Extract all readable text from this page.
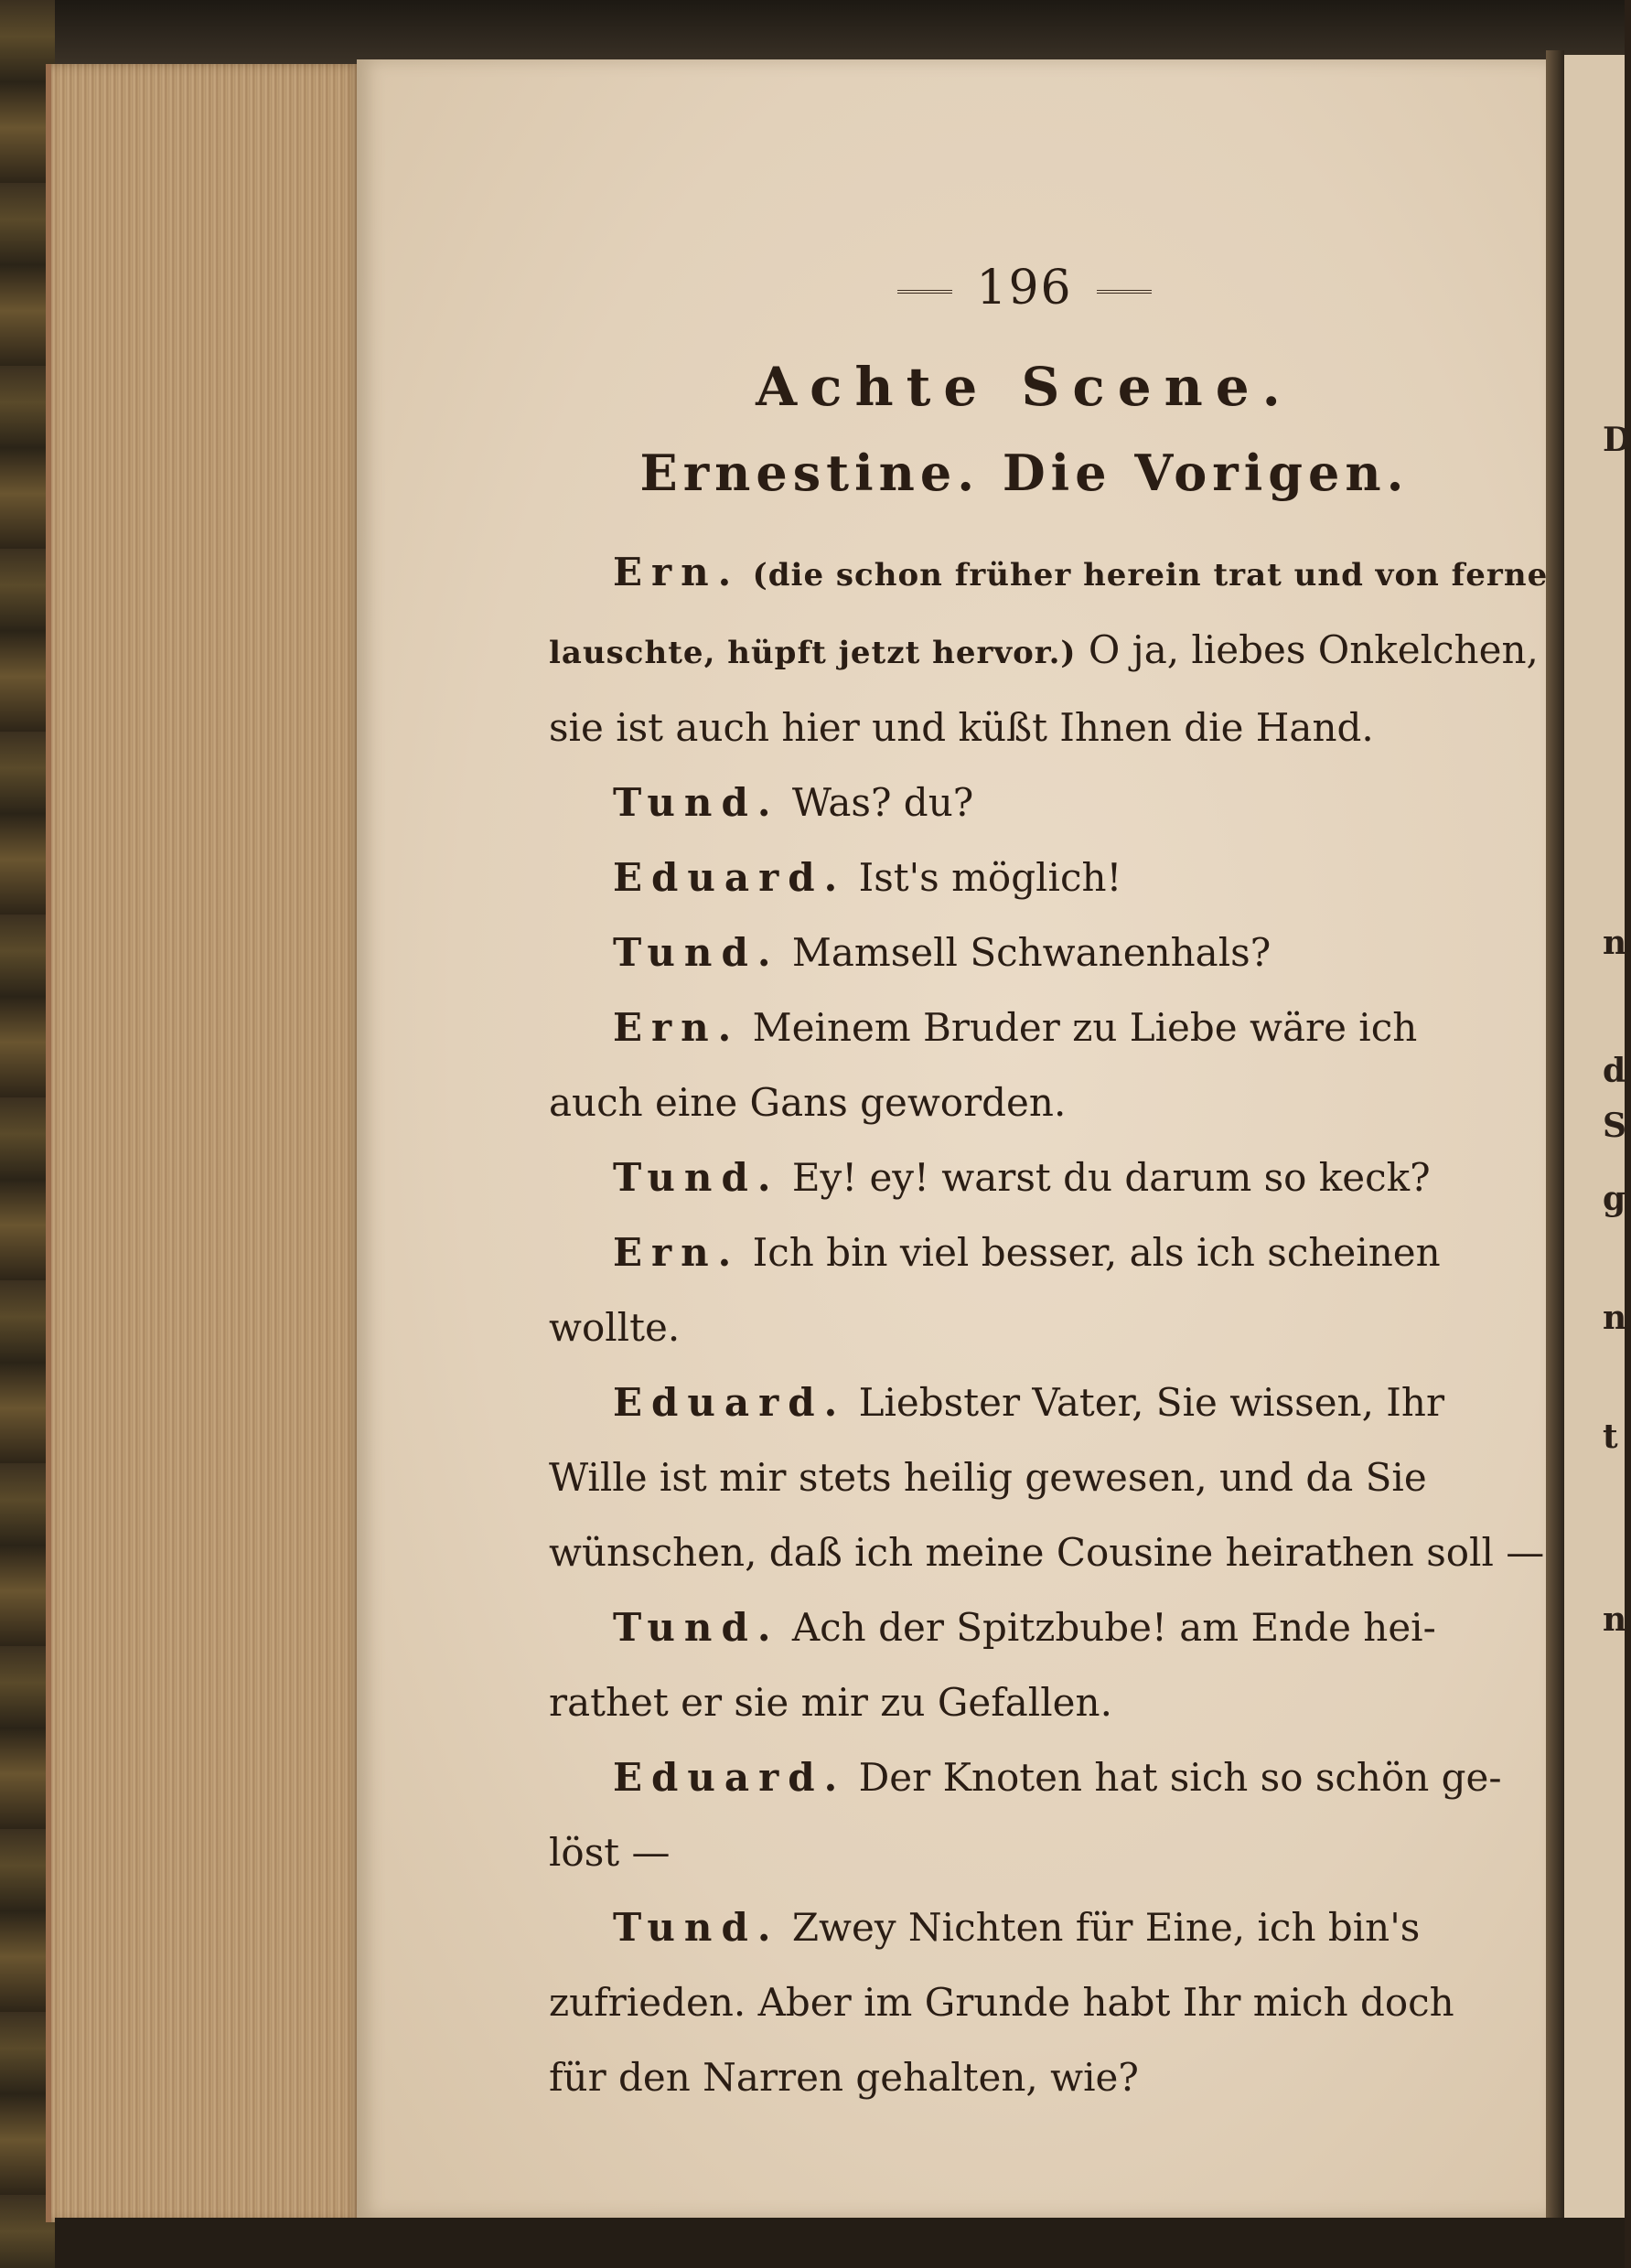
D
n
d
S
g
n
t
n
196
Achte Scene.
Ernestine. Die Vorigen.
Ern. (die schon früher herein trat und von ferne
lauschte, hüpft jetzt hervor.) O ja, liebes Onkelchen,
sie ist auch hier und küßt Ihnen die Hand.
Tund. Was? du?
Eduard. Ist's möglich!
Tund. Mamsell Schwanenhals?
Ern. Meinem Bruder zu Liebe wäre ich
auch eine Gans geworden.
Tund. Ey! ey! warst du darum so keck?
Ern. Ich bin viel besser, als ich scheinen
wollte.
Eduard. Liebster Vater, Sie wissen, Ihr
Wille ist mir stets heilig gewesen, und da Sie
wünschen, daß ich meine Cousine heirathen soll —
Tund. Ach der Spitzbube! am Ende hei-
rathet er sie mir zu Gefallen.
Eduard. Der Knoten hat sich so schön ge-
löst —
Tund. Zwey Nichten für Eine, ich bin's
zufrieden. Aber im Grunde habt Ihr mich doch
für den Narren gehalten, wie?
